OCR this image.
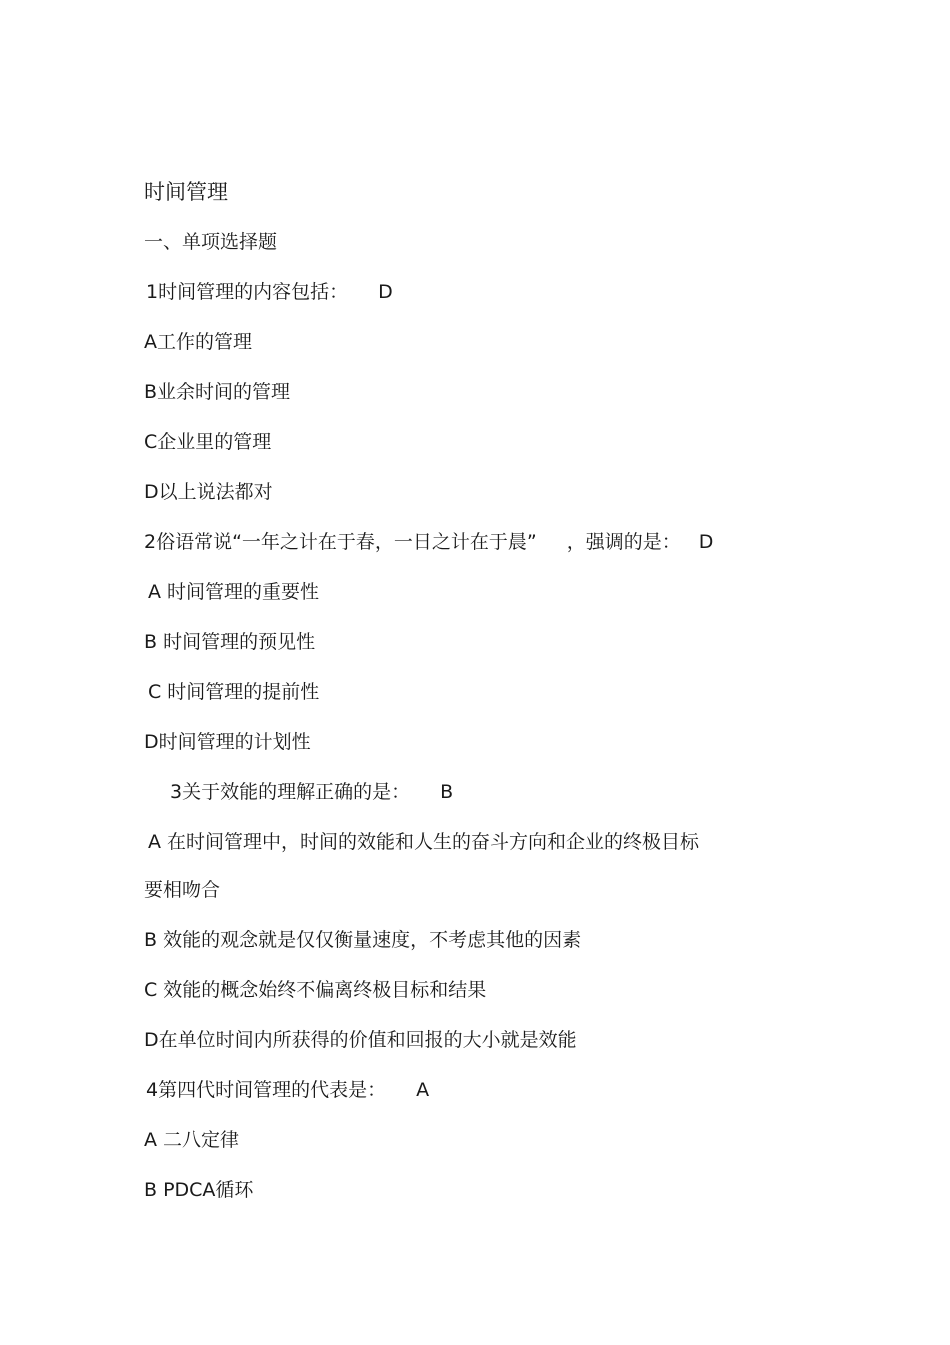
时间管理
一、单项选择题
1时间管理的内容包括： D
A工作的管理
B业余时间的管理
C企业里的管理
D以上说法都对
2俗语常说“一年之计在于春，一日之计在于晨” ，强调的是： D
A 时间管理的重要性
B 时间管理的预见性
C 时间管理的提前性
D时间管理的计划性
3关于效能的理解正确的是： B
A 在时间管理中，时间的效能和人生的奋斗方向和企业的终极目标
要相吻合
B 效能的观念就是仅仅衡量速度，不考虑其他的因素
C 效能的概念始终不偏离终极目标和结果
D在单位时间内所获得的价值和回报的大小就是效能
4第四代时间管理的代表是： A
A 二八定律
B PDCA循环
